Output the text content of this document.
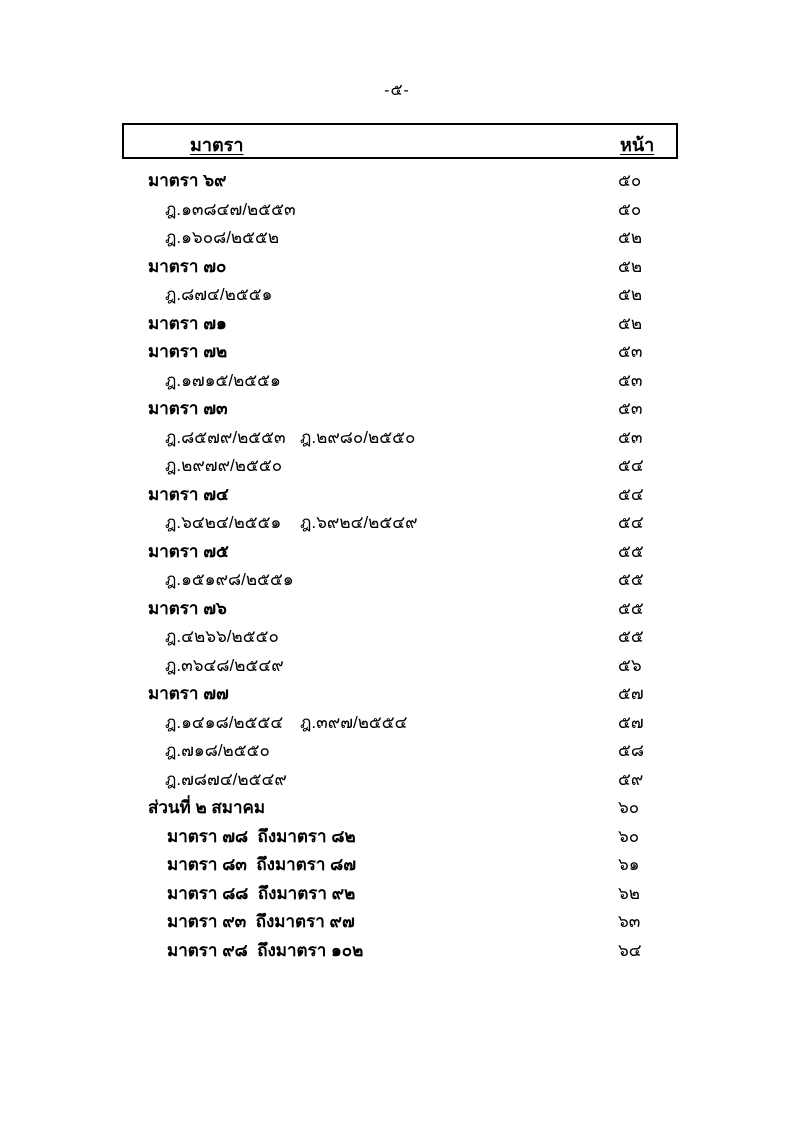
-๕-
มาตรา	หน้า
มาตรา ๖๙	๕๐
ฎ.๑๓๘๔๗/๒๕๕๓	๕๐
ฎ.๑๖๐๘/๒๕๕๒	๕๒
มาตรา ๗๐	๕๒
ฎ.๘๗๔/๒๕๕๑	๕๒
มาตรา ๗๑	๕๒
มาตรา ๗๒	๕๓
ฎ.๑๗๑๕/๒๕๕๑	๕๓
มาตรา ๗๓	๕๓
ฎ.๘๕๗๙/๒๕๕๓ ฎ.๒๙๘๐/๒๕๕๐	๕๓
ฎ.๒๙๗๙/๒๕๕๐	๕๔
มาตรา ๗๔	๕๔
ฎ.๖๔๒๔/๒๕๕๑ ฎ.๖๙๒๔/๒๕๔๙	๕๔
มาตรา ๗๕	๕๕
ฎ.๑๕๑๙๘/๒๕๕๑	๕๕
มาตรา ๗๖	๕๕
ฎ.๔๒๖๖/๒๕๕๐	๕๕
ฎ.๓๖๔๘/๒๕๔๙	๕๖
มาตรา ๗๗	๕๗
ฎ.๑๔๑๘/๒๕๕๔ ฎ.๓๙๗/๒๕๕๔	๕๗
ฎ.๗๑๘/๒๕๕๐	๕๘
ฎ.๗๘๗๔/๒๕๔๙	๕๙
ส่วนที่ ๒ สมาคม	๖๐
มาตรา ๗๘  ถึงมาตรา ๘๒	๖๐
มาตรา ๘๓  ถึงมาตรา ๘๗	๖๑
มาตรา ๘๘  ถึงมาตรา ๙๒	๖๒
มาตรา ๙๓  ถึงมาตรา ๙๗	๖๓
มาตรา ๙๘  ถึงมาตรา ๑๐๒	๖๔
